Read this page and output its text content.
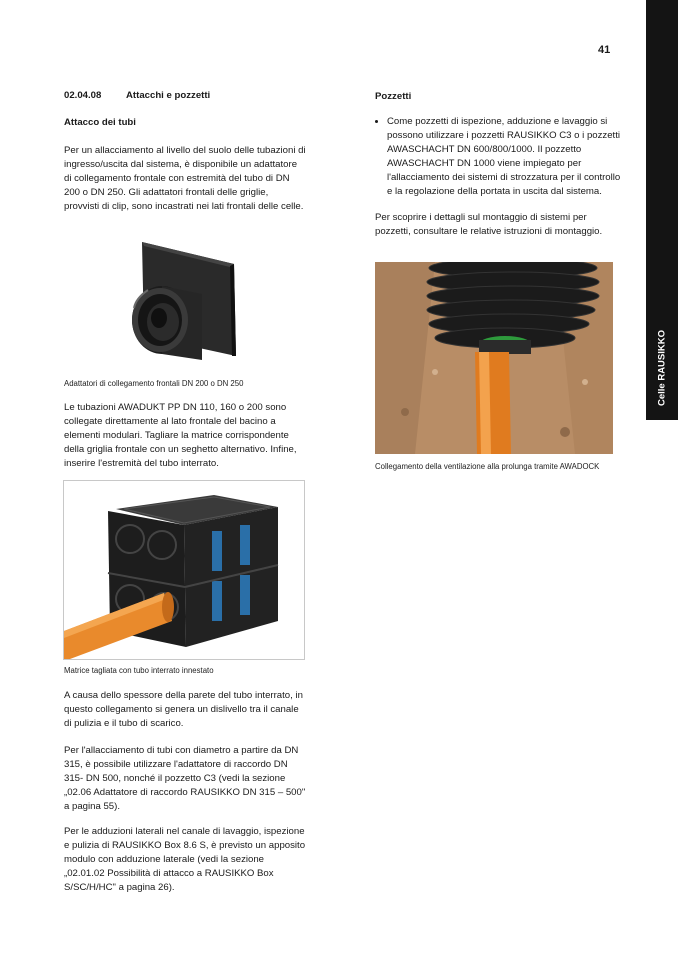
41
Celle RAUSIKKO
02.04.08	Attacchi e pozzetti
Attacco dei tubi

Per un allacciamento al livello del suolo delle tubazioni di ingresso/uscita dal sistema, è disponibile un adattatore di collegamento frontale con estremità del tubo di DN 200 o DN 250. Gli adattatori frontali delle griglie, provvisti di clip, sono incastrati nei lati frontali delle celle.

Adattatori di collegamento frontali DN 200 o DN 250

Le tubazioni AWADUKT PP DN 110, 160 o 200 sono collegate direttamente al lato frontale del bacino a elementi modulari. Tagliare la matrice corrispondente della griglia frontale con un seghetto alternativo. Infine, inserire l'estremità del tubo interrato.

Matrice tagliata con tubo interrato innestato

A causa dello spessore della parete del tubo interrato, in questo collegamento si genera un dislivello tra il canale di pulizia e il tubo di scarico.

Per l'allacciamento di tubi con diametro a partire da DN 315, è possibile utilizzare l'adattatore di raccordo DN 315- DN 500, nonché il pozzetto C3 (vedi la sezione „02.06 Adattatore di raccordo RAUSIKKO DN 315 – 500" a pagina 55).

Per le adduzioni laterali nel canale di lavaggio, ispezione e pulizia di RAUSIKKO Box 8.6 S, è previsto un apposito modulo con adduzione laterale (vedi la sezione „02.01.02 Possibilità di attacco a RAUSIKKO Box S/SC/H/HC" a pagina 26).

Pozzetti
• Come pozzetti di ispezione, adduzione e lavaggio si possono utilizzare i pozzetti RAUSIKKO C3 o i pozzetti AWASCHACHT DN 600/800/1000. Il pozzetto AWASCHACHT DN 1000 viene impiegato per l'allacciamento dei sistemi di strozzatura per il controllo e la regolazione della portata in uscita dal sistema.

Per scoprire i dettagli sul montaggio di sistemi per pozzetti, consultare le relative istruzioni di montaggio.

Collegamento della ventilazione alla prolunga tramite AWADOCK
